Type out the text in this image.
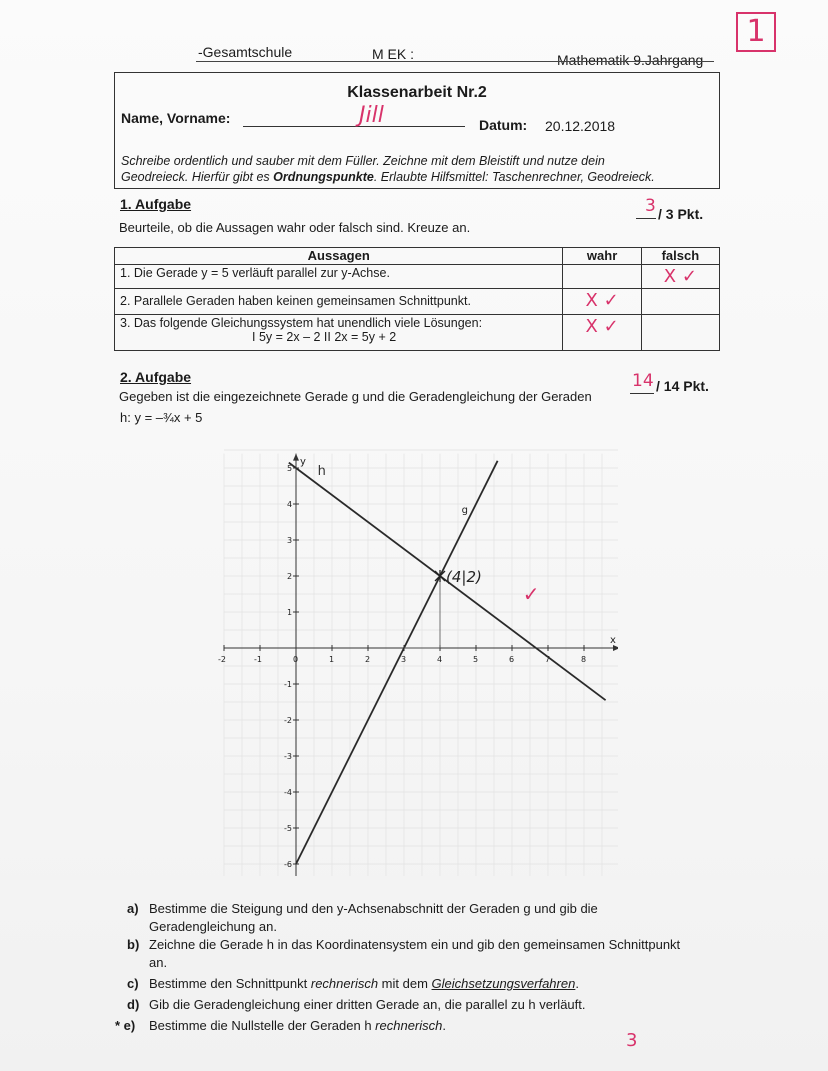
-Gesamtschule	M EK :	Mathematik 9.Jahrgang
1
Klassenarbeit Nr.2
Name, Vorname:	Jill	Datum: 20.12.2018
Schreibe ordentlich und sauber mit dem Füller. Zeichne mit dem Bleistift und nutze dein
Geodreieck. Hierfür gibt es Ordnungspunkte. Erlaubte Hilfsmittel: Taschenrechner, Geodreieck.
1. Aufgabe
Beurteile, ob die Aussagen wahr oder falsch sind. Kreuze an.
3 / 3 Pkt.
Aussagen	wahr	falsch
1. Die Gerade y = 5 verläuft parallel zur y-Achse.		X ✓
2. Parallele Geraden haben keinen gemeinsamen Schnittpunkt.	X ✓	

3. Das folgende Gleichungssystem hat unendlich viele Lösungen:
I 5y = 2x – 2 II 2x = 5y + 2	X ✓	
2. Aufgabe
Gegeben ist die eingezeichnete Gerade g und die Geradengleichung der Geraden
h: y = –¾x + 5
14 / 14 Pkt.
x
y
-2	-1	0	1	2	3	4	5	6	7	8
-6
-5
-4
-3
-2
-1
1
2
3
4
5
g
h
(4|2)
✓
a) Bestimme die Steigung und den y-Achsenabschnitt der Geraden g und gib die
Geradengleichung an.
b) Zeichne die Gerade h in das Koordinatensystem ein und gib den gemeinsamen Schnittpunkt
an.
c) Bestimme den Schnittpunkt rechnerisch mit dem Gleichsetzungsverfahren.
d) Gib die Geradengleichung einer dritten Gerade an, die parallel zu h verläuft.
* e)	Bestimme die Nullstelle der Geraden h rechnerisch.
3
